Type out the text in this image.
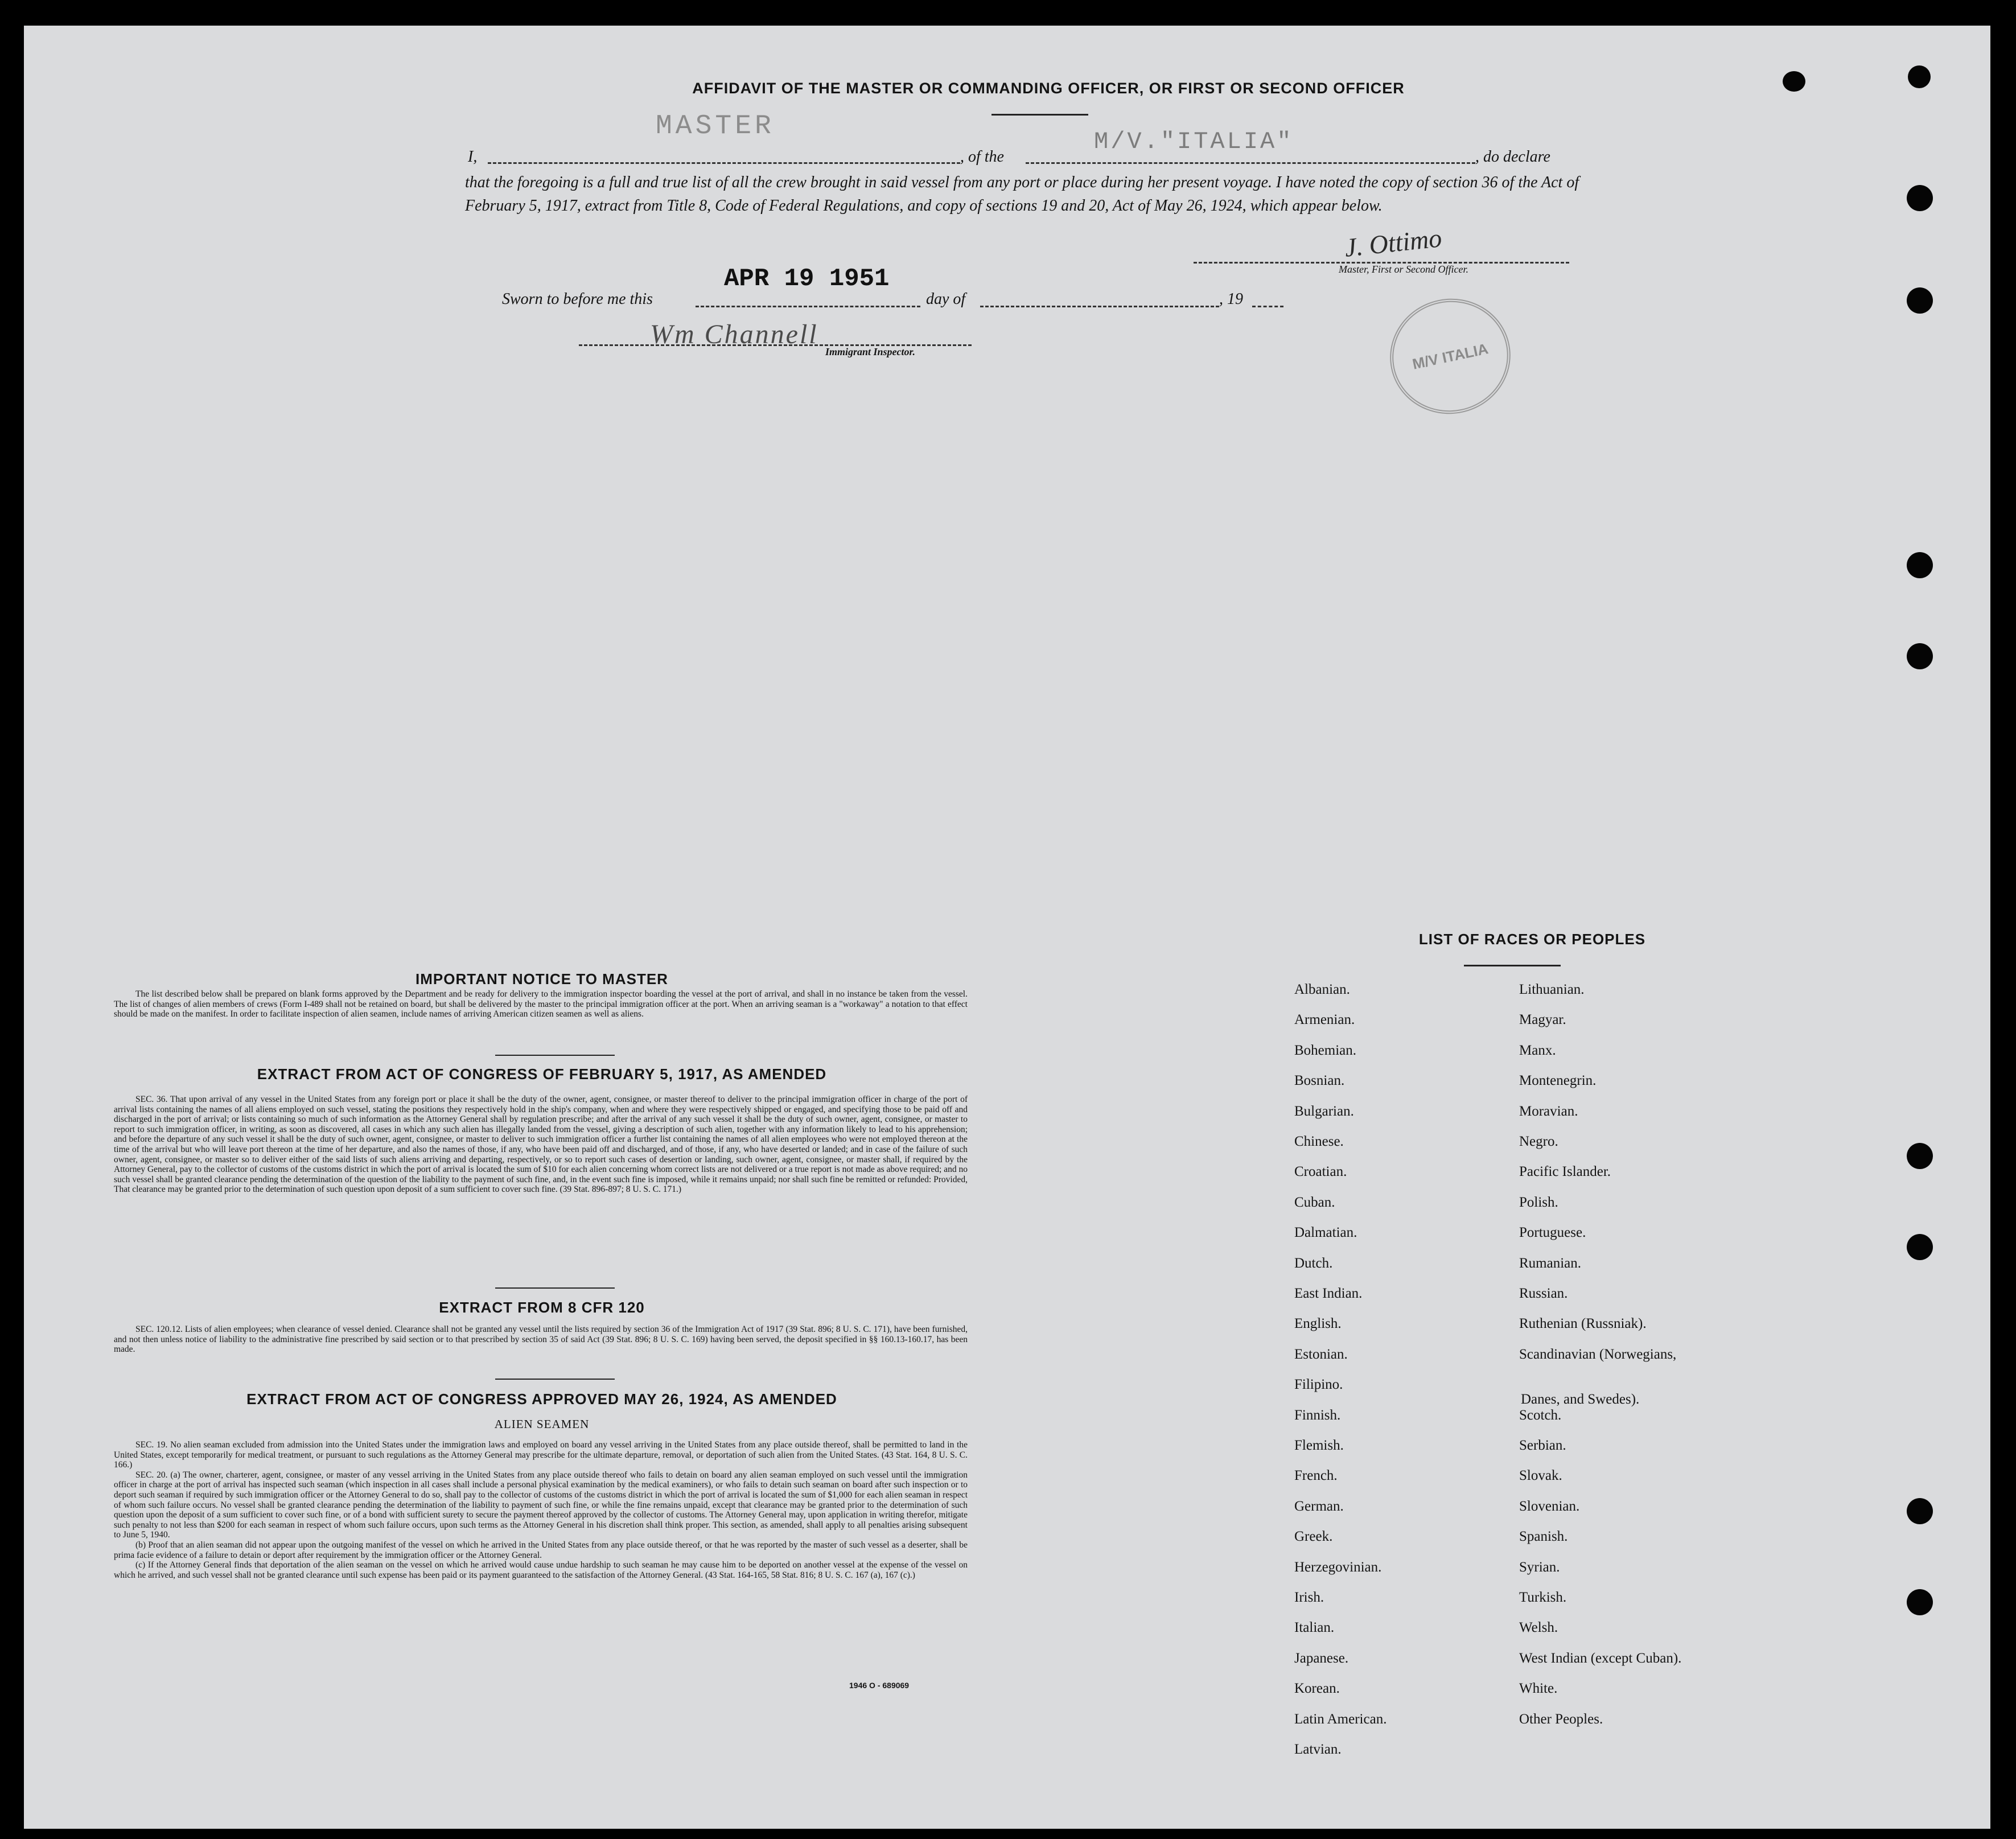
AFFIDAVIT OF THE MASTER OR COMMANDING OFFICER, OR FIRST OR SECOND OFFICER
I,
MASTER
, of the
M/V."ITALIA"
, do declare
that the foregoing is a full and true list of all the crew brought in said vessel from any port or place during her present voyage. I have noted the copy of section 36 of the Act of February 5, 1917, extract from Title 8, Code of Federal Regulations, and copy of sections 19 and 20, Act of May 26, 1924, which appear below.
J. Ottimo
Master, First or Second Officer.
Sworn to before me this
APR 19 1951
day of	, 19
Wm Channell
Immigrant Inspector.	M/V ITALIA
IMPORTANT NOTICE TO MASTER

The list described below shall be prepared on blank forms approved by the Department and be ready for delivery to the immigration inspector boarding the vessel at the port of arrival, and shall in no instance be taken from the vessel. The list of changes of alien members of crews (Form I-489 shall not be retained on board, but shall be delivered by the master to the principal immigration officer at the port. When an arriving seaman is a "workaway" a notation to that effect should be made on the manifest. In order to facilitate inspection of alien seamen, include names of arriving American citizen seamen as well as aliens.

EXTRACT FROM ACT OF CONGRESS OF FEBRUARY 5, 1917, AS AMENDED

SEC. 36. That upon arrival of any vessel in the United States from any foreign port or place it shall be the duty of the owner, agent, consignee, or master thereof to deliver to the principal immigration officer in charge of the port of arrival lists containing the names of all aliens employed on such vessel, stating the positions they respectively hold in the ship's company, when and where they were respectively shipped or engaged, and specifying those to be paid off and discharged in the port of arrival; or lists containing so much of such information as the Attorney General shall by regulation prescribe; and after the arrival of any such vessel it shall be the duty of such owner, agent, consignee, or master to report to such immigration officer, in writing, as soon as discovered, all cases in which any such alien has illegally landed from the vessel, giving a description of such alien, together with any information likely to lead to his apprehension; and before the departure of any such vessel it shall be the duty of such owner, agent, consignee, or master to deliver to such immigration officer a further list containing the names of all alien employees who were not employed thereon at the time of the arrival but who will leave port thereon at the time of her departure, and also the names of those, if any, who have been paid off and discharged, and of those, if any, who have deserted or landed; and in case of the failure of such owner, agent, consignee, or master so to deliver either of the said lists of such aliens arriving and departing, respectively, or so to report such cases of desertion or landing, such owner, agent, consignee, or master shall, if required by the Attorney General, pay to the collector of customs of the customs district in which the port of arrival is located the sum of $10 for each alien concerning whom correct lists are not delivered or a true report is not made as above required; and no such vessel shall be granted clearance pending the determination of the question of the liability to the payment of such fine, and, in the event such fine is imposed, while it remains unpaid; nor shall such fine be remitted or refunded: Provided, That clearance may be granted prior to the determination of such question upon deposit of a sum sufficient to cover such fine. (39 Stat. 896-897; 8 U. S. C. 171.)

EXTRACT FROM 8 CFR 120

SEC. 120.12. Lists of alien employees; when clearance of vessel denied. Clearance shall not be granted any vessel until the lists required by section 36 of the Immigration Act of 1917 (39 Stat. 896; 8 U. S. C. 171), have been furnished, and not then unless notice of liability to the administrative fine prescribed by said section or to that prescribed by section 35 of said Act (39 Stat. 896; 8 U. S. C. 169) having been served, the deposit specified in §§ 160.13-160.17, has been made.

EXTRACT FROM ACT OF CONGRESS APPROVED MAY 26, 1924, AS AMENDED
ALIEN SEAMEN

SEC. 19. No alien seaman excluded from admission into the United States under the immigration laws and employed on board any vessel arriving in the United States from any place outside thereof, shall be permitted to land in the United States, except temporarily for medical treatment, or pursuant to such regulations as the Attorney General may prescribe for the ultimate departure, removal, or deportation of such alien from the United States. (43 Stat. 164, 8 U. S. C. 166.)

SEC. 20. (a) The owner, charterer, agent, consignee, or master of any vessel arriving in the United States from any place outside thereof who fails to detain on board any alien seaman employed on such vessel until the immigration officer in charge at the port of arrival has inspected such seaman (which inspection in all cases shall include a personal physical examination by the medical examiners), or who fails to detain such seaman on board after such inspection or to deport such seaman if required by such immigration officer or the Attorney General to do so, shall pay to the collector of customs of the customs district in which the port of arrival is located the sum of $1,000 for each alien seaman in respect of whom such failure occurs. No vessel shall be granted clearance pending the determination of the liability to payment of such fine, or while the fine remains unpaid, except that clearance may be granted prior to the determination of such question upon the deposit of a sum sufficient to cover such fine, or of a bond with sufficient surety to secure the payment thereof approved by the collector of customs. The Attorney General may, upon application in writing therefor, mitigate such penalty to not less than $200 for each seaman in respect of whom such failure occurs, upon such terms as the Attorney General in his discretion shall think proper. This section, as amended, shall apply to all penalties arising subsequent to June 5, 1940.

(b) Proof that an alien seaman did not appear upon the outgoing manifest of the vessel on which he arrived in the United States from any place outside thereof, or that he was reported by the master of such vessel as a deserter, shall be prima facie evidence of a failure to detain or deport after requirement by the immigration officer or the Attorney General.

(c) If the Attorney General finds that deportation of the alien seaman on the vessel on which he arrived would cause undue hardship to such seaman he may cause him to be deported on another vessel at the expense of the vessel on which he arrived, and such vessel shall not be granted clearance until such expense has been paid or its payment guaranteed to the satisfaction of the Attorney General. (43 Stat. 164-165, 58 Stat. 816; 8 U. S. C. 167 (a), 167 (c).)

1946 O - 689069
LIST OF RACES OR PEOPLES
Albanian.
Armenian.
Bohemian.
Bosnian.
Bulgarian.
Chinese.
Croatian.
Cuban.
Dalmatian.
Dutch.
East Indian.
English.
Estonian.
Filipino.
Finnish.
Flemish.
French.
German.
Greek.
Herzegovinian.
Irish.
Italian.
Japanese.
Korean.
Latin American.
Latvian.
Lithuanian.
Magyar.
Manx.
Montenegrin.
Moravian.
Negro.
Pacific Islander.
Polish.
Portuguese.
Rumanian.
Russian.
Ruthenian (Russniak).
Scandinavian (Norwegians,
Danes, and Swedes).
Scotch.
Serbian.
Slovak.
Slovenian.
Spanish.
Syrian.
Turkish.
Welsh.
West Indian (except Cuban).
White.
Other Peoples.
